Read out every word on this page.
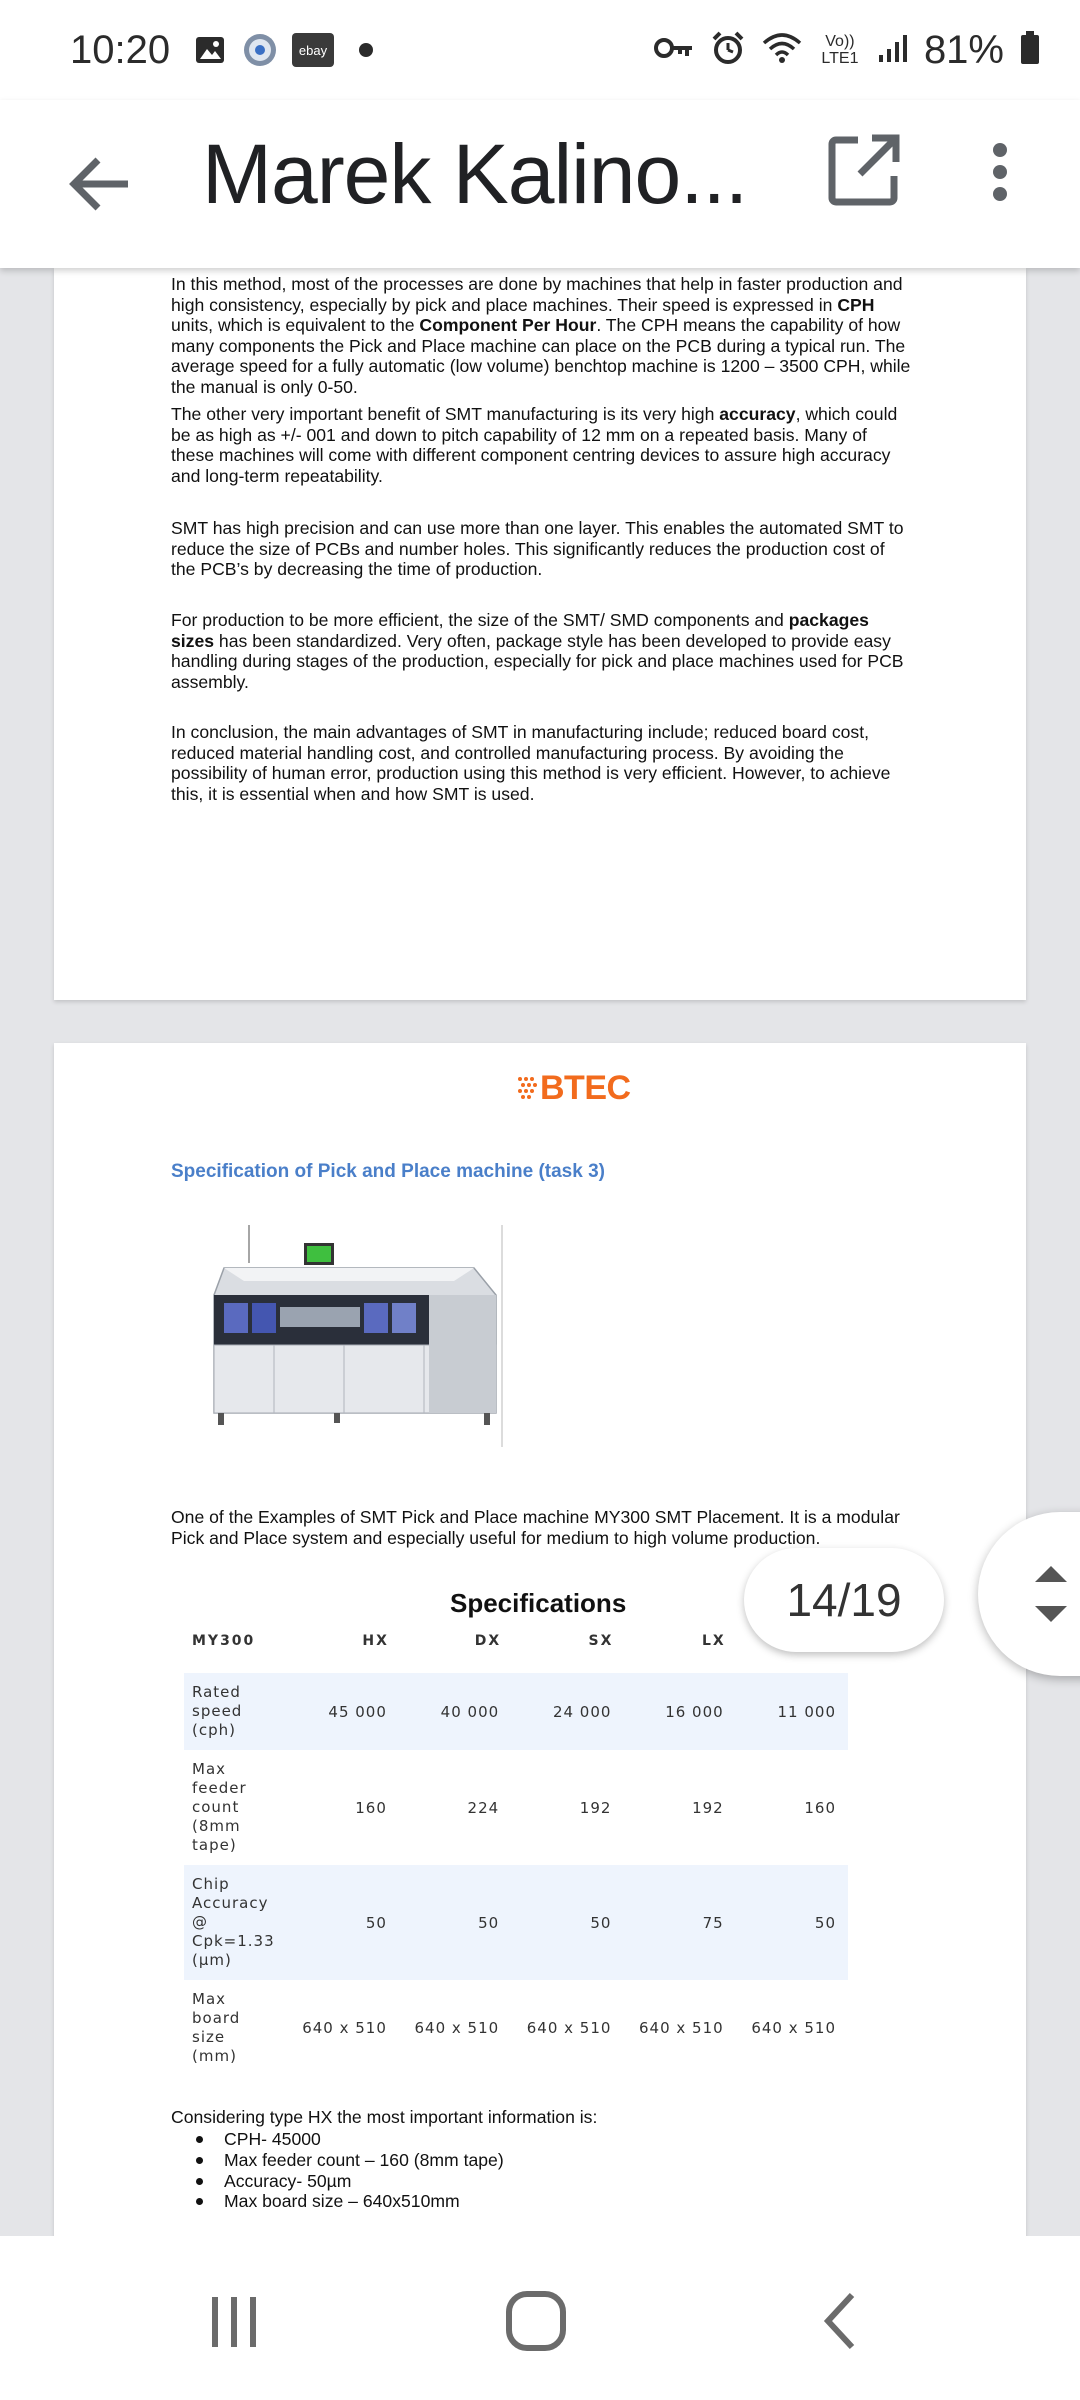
10:20	ebay
Vo)) LTE1 81%
Marek Kalino...
In this method, most of the processes are done by machines that help in faster production and high consistency, especially by pick and place machines. Their speed is expressed in CPH units, which is equivalent to the Component Per Hour. The CPH means the capability of how many components the Pick and Place machine can place on the PCB during a typical run. The average speed for a fully automatic (low volume) benchtop machine is 1200 – 3500 CPH, while the manual is only 0-50.
The other very important benefit of SMT manufacturing is its very high accuracy, which could be as high as +/- 001 and down to pitch capability of 12 mm on a repeated basis. Many of these machines will come with different component centring devices to assure high accuracy and long-term repeatability.
SMT has high precision and can use more than one layer. This enables the automated SMT to reduce the size of PCBs and number holes. This significantly reduces the production cost of the PCB’s by decreasing the time of production.
For production to be more efficient, the size of the SMT/ SMD components and packages sizes has been standardized. Very often, package style has been developed to provide easy handling during stages of the production, especially for pick and place machines used for PCB assembly.
In conclusion, the main advantages of SMT in manufacturing include; reduced board cost, reduced material handling cost, and controlled manufacturing process. By avoiding the possibility of human error, production using this method is very efficient. However, to achieve this, it is essential when and how SMT is used.
BTEC
Specification of Pick and Place machine (task 3)
One of the Examples of SMT Pick and Place machine MY300 SMT Placement. It is a modular Pick and Place system and especially useful for medium to high volume production.
Specifications
MY300	HX	DX	SX	LX	

Rated speed (cph)	45 000	40 000	24 000	16 000	11 000
Max feeder count (8mm tape)	160	224	192	192	160
Chip Accuracy @ Cpk=1.33 (µm)	50	50	50	75	50
Max board size (mm)	640 x 510	640 x 510	640 x 510	640 x 510	640 x 510
Considering type HX the most important information is:
CPH- 45000
Max feeder count – 160 (8mm tape)
Accuracy- 50µm
Max board size – 640x510mm
14/19
